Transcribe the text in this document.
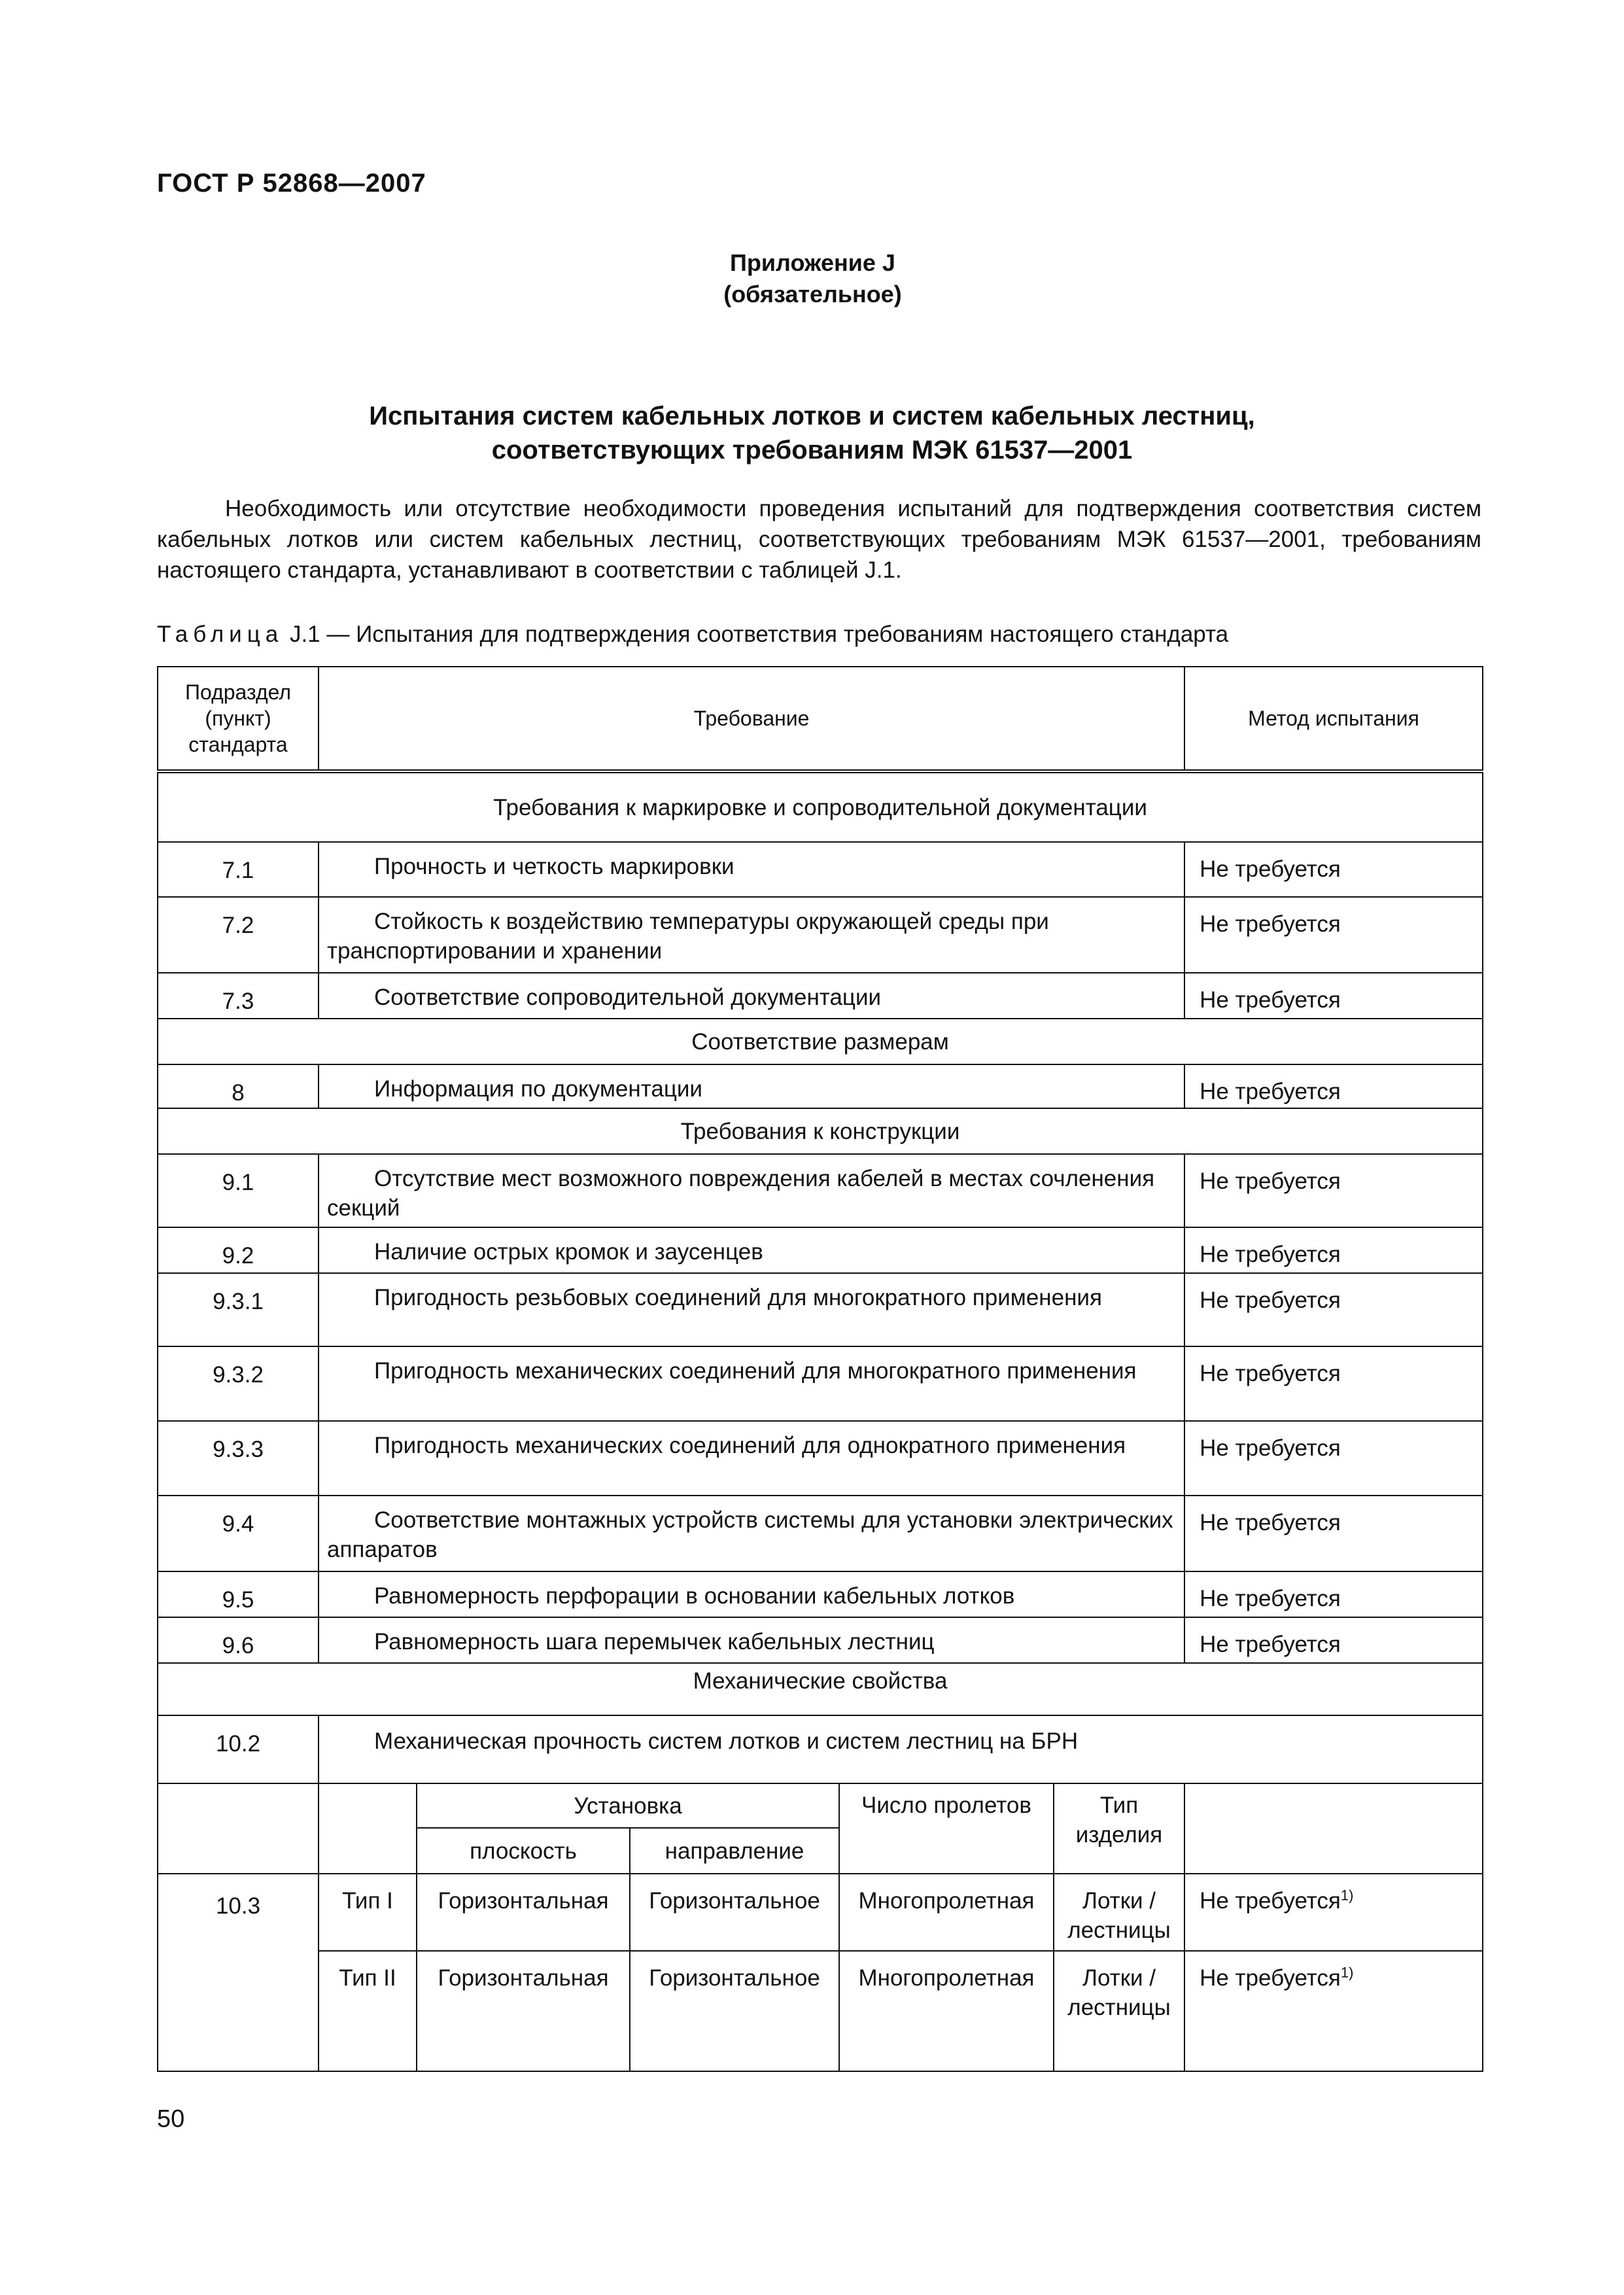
ГОСТ Р 52868—2007
Приложение J
(обязательное)
Испытания систем кабельных лотков и систем кабельных лестниц,
соответствующих требованиям МЭК 61537—2001

Необходимость или отсутствие необходимости проведения испытаний для подтверждения соответствия систем кабельных лотков или систем кабельных лестниц, соответствующих требованиям МЭК 61537—2001, требованиям настоящего стандарта, устанавливают в соответствии с таблицей J.1.

Таблица J.1 — Испытания для подтверждения соответствия требованиям настоящего стандарта
Подраздел (пункт) стандарта	Требование					Метод испытания
Требования к маркировке и сопроводительной документации						
7.1	Прочность и четкость маркировки					Не требуется
7.2	Стойкость к воздействию температуры окружающей среды при транспортировании и хранении					Не требуется
7.3	Соответствие сопроводительной документации					Не требуется
Соответствие размерам						
8	Информация по документации					Не требуется
Требования к конструкции						
9.1	Отсутствие мест возможного повреждения кабелей в местах сочленения секций					Не требуется
9.2	Наличие острых кромок и заусенцев					Не требуется
9.3.1	Пригодность резьбовых соединений для многократного применения					Не требуется
9.3.2	Пригодность механических соединений для многократного применения					Не требуется
9.3.3	Пригодность механических соединений для однократного применения					Не требуется
9.4	Соответствие монтажных устройств системы для установки электрических аппаратов					Не требуется
9.5	Равномерность перфорации в основании кабельных лотков					Не требуется
9.6	Равномерность шага перемычек кабельных лестниц					Не требуется
Механические свойства						
10.2	Механическая прочность систем лотков и систем лестниц на БРН					
		Установка		Число пролетов	Тип изделия	
		плоскость	направление			
10.3	Тип I	Горизонтальная	Горизонтальное	Многопролетная	Лотки / лестницы	Не требуется$^{1)}$
	Тип II	Горизонтальная	Горизонтальное	Многопролетная	Лотки / лестницы	Не требуется$^{1)}$
50
